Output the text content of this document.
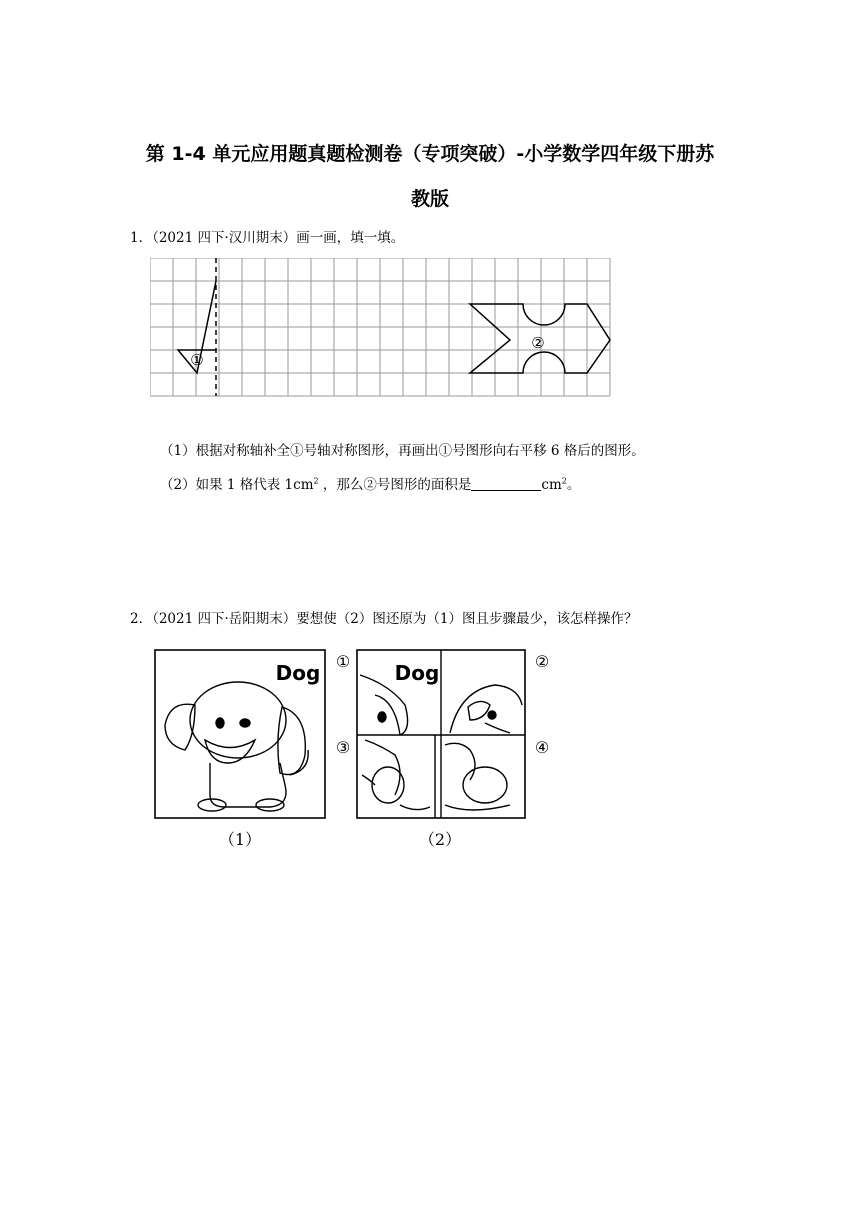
第 1-4 单元应用题真题检测卷（专项突破）-小学数学四年级下册苏
教版
1．（2021 四下·汉川期末）画一画，填一填。
①
②
（1）根据对称轴补全①号轴对称图形，再画出①号图形向右平移 6 格后的图形。
（2）如果 1 格代表 $1cm^2$ ，那么②号图形的面积是	$cm^2$。
2．（2021 四下·岳阳期末）要想使（2）图还原为（1）图且步骤最少，该怎样操作？
Dog
（1）
Dog
①	②
③	④
（2）
